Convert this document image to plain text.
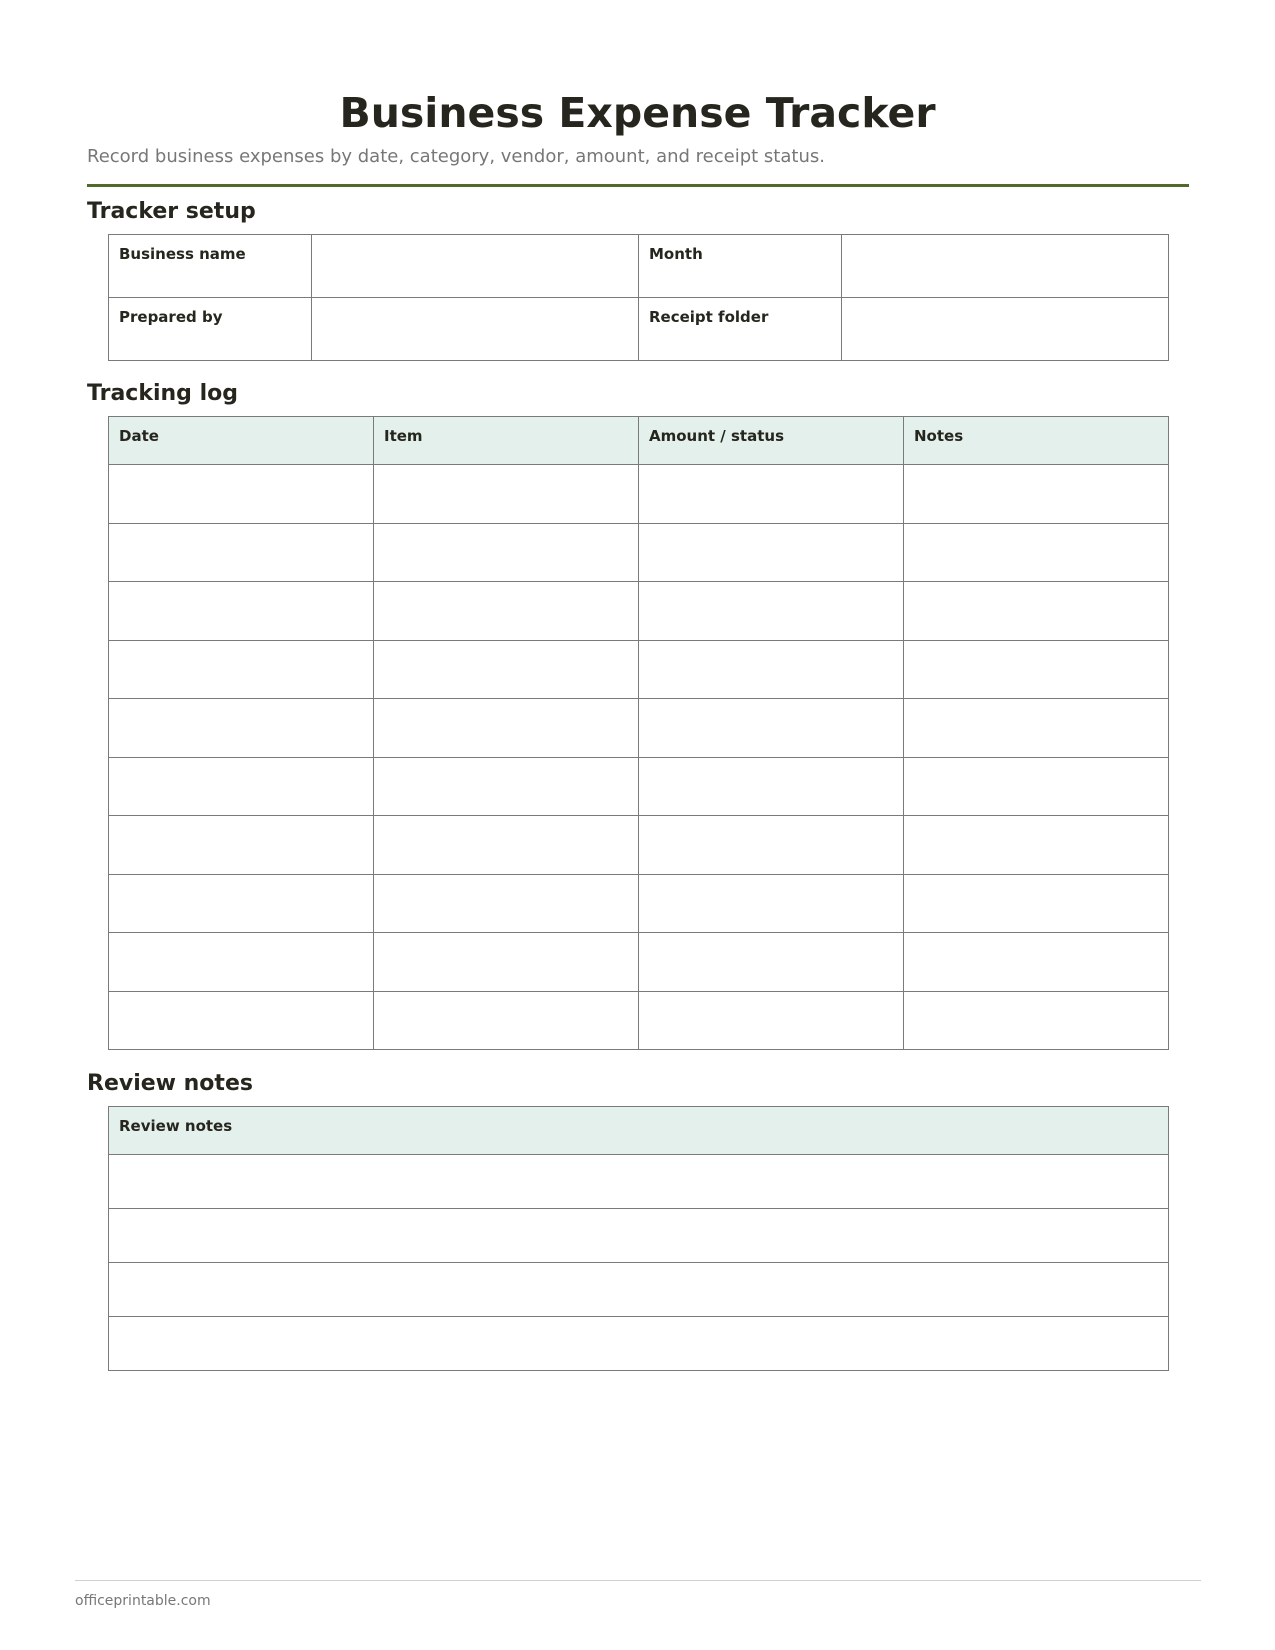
Business Expense Tracker

Record business expenses by date, category, vendor, amount, and receipt status.

Tracker setup
Business name		Month	
Prepared by		Receipt folder	
Tracking log
Date	Item	Amount / status	Notes

Review notes
Review notes

officeprintable.com
